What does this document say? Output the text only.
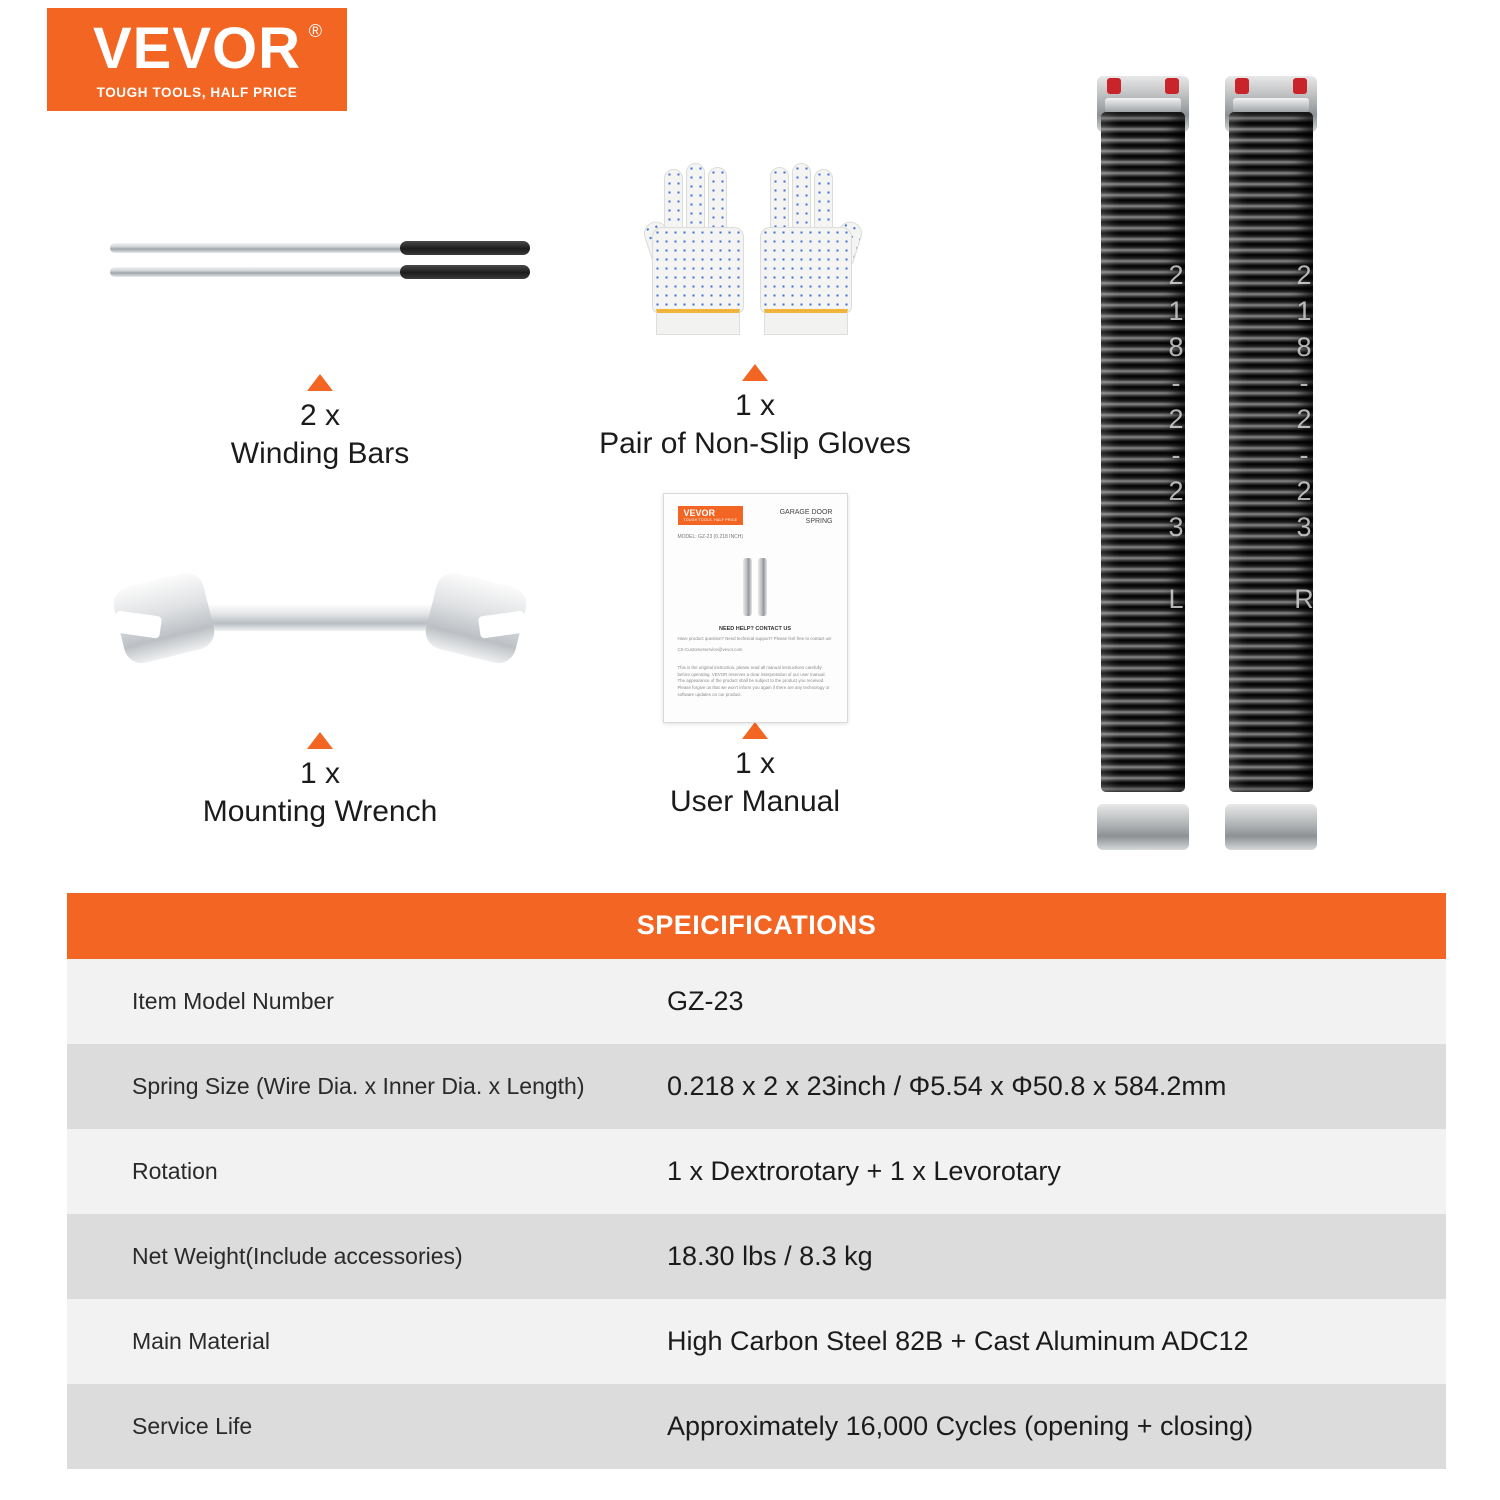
VEVOR ®
TOUGH TOOLS, HALF PRICE
2 x
Winding Bars
1 x
Pair of Non-Slip Gloves
1 x
Mounting Wrench
VEVOR
TOUGH TOOLS, HALF PRICE
GARAGE DOOR
SPRING
MODEL: GZ-23 (0.218 INCH)
NEED HELP? CONTACT US
Have product question? Need technical support? Please feel free to contact us!
CS-Customerservice@vevor.com
This is the original instruction, please read all manual instructions carefully before operating. VEVOR reserves a clear interpretation of our user manual. The appearance of the product shall be subject to the product you received. Please forgive us that we won't inform you again if there are any technology or software updates on our product.
1 x
User Manual
218-2-23 L	218-2-23 R
SPEICIFICATIONS
Item Model Number	GZ-23
Spring Size (Wire Dia. x Inner Dia. x Length)	0.218 x 2 x 23inch / Φ5.54 x Φ50.8 x 584.2mm
Rotation	1 x Dextrorotary + 1 x Levorotary
Net Weight(Include accessories)	18.30 lbs / 8.3 kg
Main Material	High Carbon Steel 82B + Cast Aluminum ADC12
Service Life	Approximately 16,000 Cycles (opening + closing)
